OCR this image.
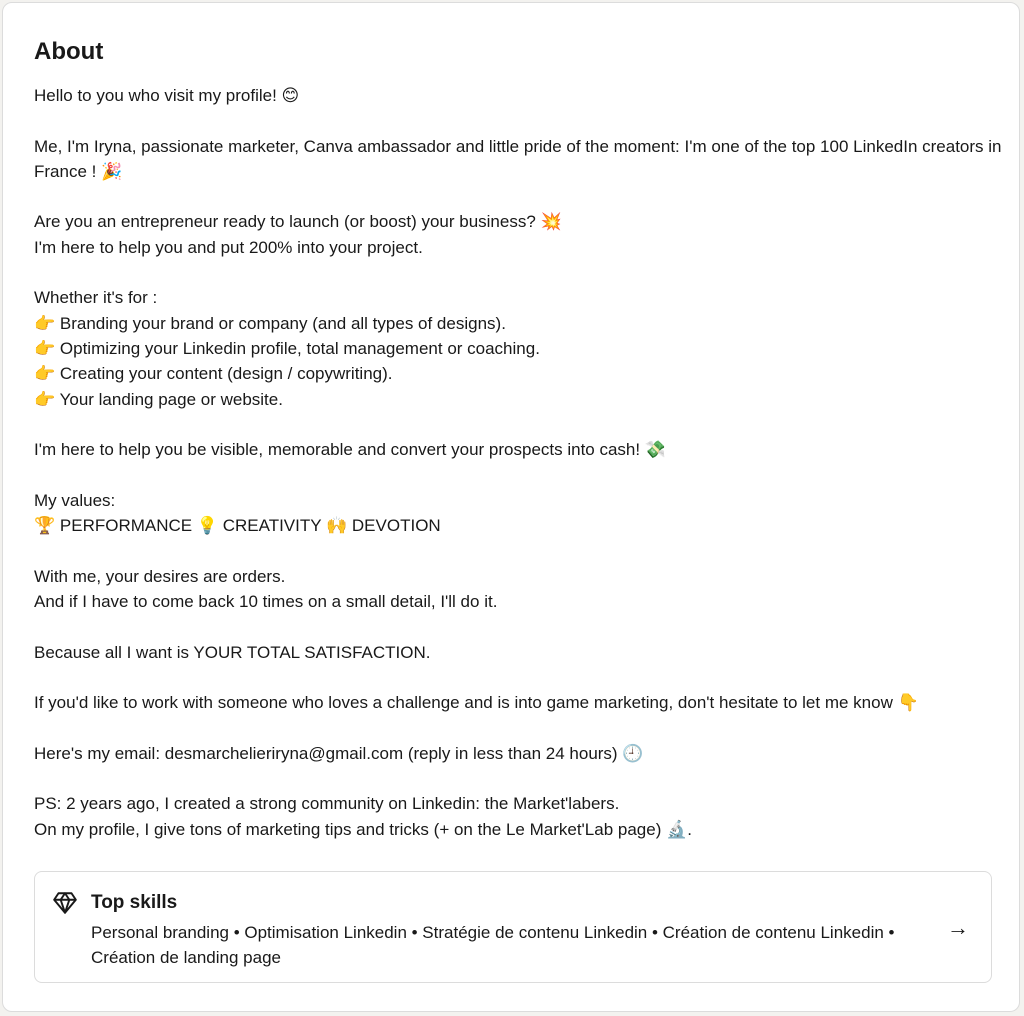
About
Hello to you who visit my profile! 😊
Me, I'm Iryna, passionate marketer, Canva ambassador and little pride of the moment: I'm one of the top 100 LinkedIn creators in France ! 🎉
Are you an entrepreneur ready to launch (or boost) your business? 💥
I'm here to help you and put 200% into your project.
Whether it's for :
👉 Branding your brand or company (and all types of designs).
👉 Optimizing your Linkedin profile, total management or coaching.
👉 Creating your content (design / copywriting).
👉 Your landing page or website.
I'm here to help you be visible, memorable and convert your prospects into cash! 💸
My values:
🏆 PERFORMANCE 💡 CREATIVITY 🙌 DEVOTION
With me, your desires are orders.
And if I have to come back 10 times on a small detail, I'll do it.
Because all I want is YOUR TOTAL SATISFACTION.
If you'd like to work with someone who loves a challenge and is into game marketing, don't hesitate to let me know 👇
Here's my email: desmarchelieriryna@gmail.com (reply in less than 24 hours) 🕘
PS: 2 years ago, I created a strong community on Linkedin: the Market'labers.
On my profile, I give tons of marketing tips and tricks (+ on the Le Market'Lab page) 🔬.
Top skills
Personal branding • Optimisation Linkedin • Stratégie de contenu Linkedin • Création de contenu Linkedin • Création de landing page
→
